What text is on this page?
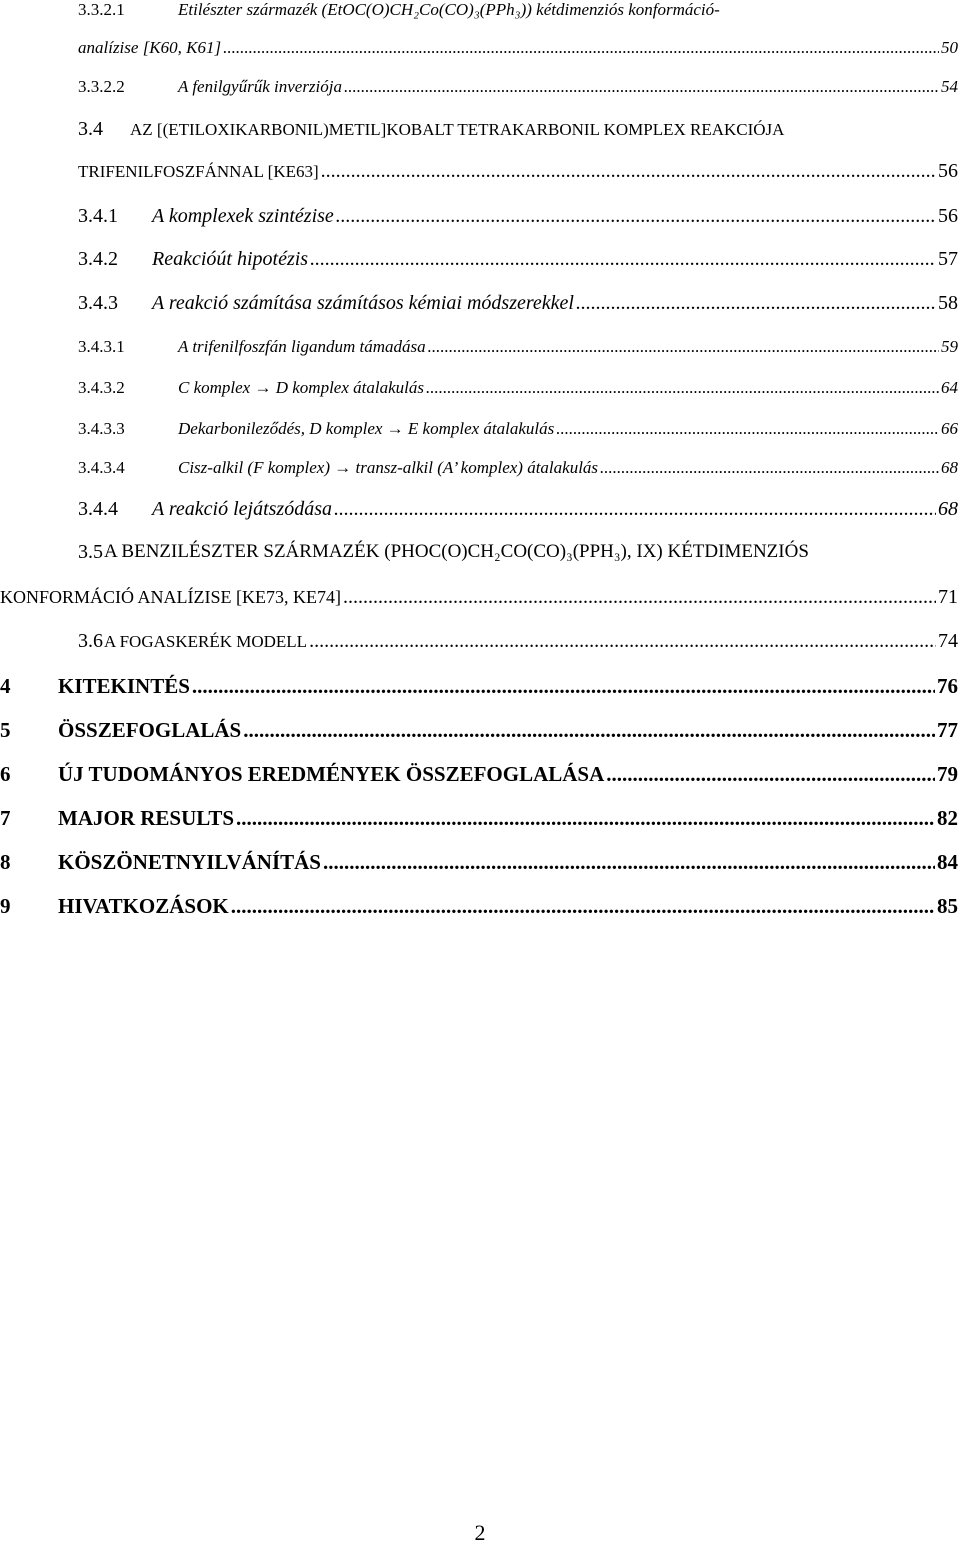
3.3.2.1	Etilészter származék (EtOC(O)CH₂Co(CO)₃(PPh₃)) kétdimenziós konformáció-
analízise [K60, K61] .....	50
3.3.2.2	A fenilgyűrűk inverziója .....	54
3.4 AZ [(ETILOXIKARBONIL)METIL]KOBALT TETRAKARBONIL KOMPLEX REAKCIÓJA
TRIFENILFOSZFÁNNAL [KE63] .....	56
3.4.1 A komplexek szintézise .....	56
3.4.2 Reakcióút hipotézis .....	57
3.4.3 A reakció számítása számításos kémiai módszerekkel .....	58
3.4.3.1	A trifenilfoszfán ligandum támadása .....	59
3.4.3.2	C komplex → D komplex átalakulás .....	64
3.4.3.3	Dekarbonileződés, D komplex → E komplex átalakulás .....	66
3.4.3.4	Cisz-alkil (F komplex) → transz-alkil (A’ komplex) átalakulás .....	68
3.4.4 A reakció lejátszódása .....	68
3.5 A BENZILÉSZTER SZÁRMAZÉK (PHOC(O)CH₂CO(CO)₃(PPH₃), IX) KÉTDIMENZIÓS
KONFORMÁCIÓ ANALÍZISE [KE73, KE74] .....	71
3.6 A FOGASKERÉK MODELL .....	74
4 KITEKINTÉS .....	76
5 ÖSSZEFOGLALÁS .....	77
6 ÚJ TUDOMÁNYOS EREDMÉNYEK ÖSSZEFOGLALÁSA .....	79
7 MAJOR RESULTS .....	82
8 KÖSZÖNETNYILVÁNÍTÁS .....	84
9 HIVATKOZÁSOK .....	85
2
